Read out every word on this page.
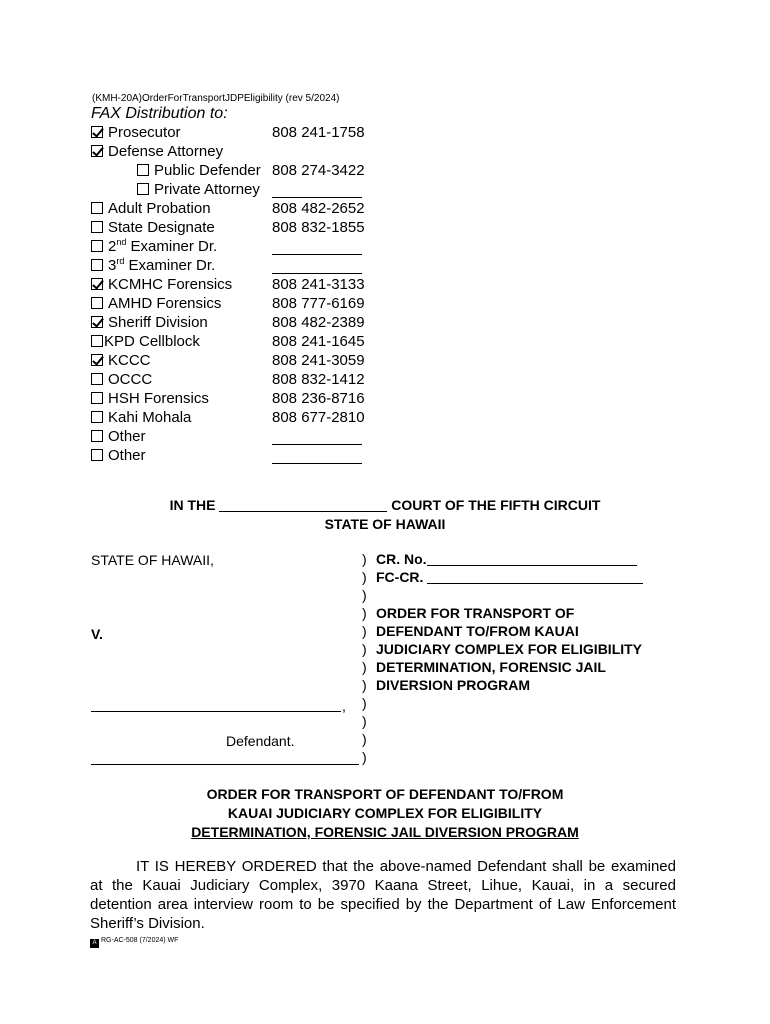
(KMH-20A)OrderForTransportJDPEligibility (rev 5/2024)
FAX Distribution to:
Prosecutor	808 241-1758
Defense Attorney
Public Defender 808 274-3422
Private Attorney
Adult Probation	808 482-2652
State Designate	808 832-1855
2nd Examiner Dr.
3rd Examiner Dr.
KCMHC Forensics	808 241-3133
AMHD Forensics	808 777-6169
Sheriff Division	808 482-2389
KPD Cellblock	808 241-1645
KCCC	808 241-3059
OCCC	808 832-1412
HSH Forensics	808 236-8716
Kahi Mohala	808 677-2810
Other
Other
IN THE	COURT OF THE FIFTH CIRCUIT
STATE OF HAWAII
STATE OF HAWAII,
V.
,
Defendant.
)
)
)
)
)
)
)
)
)
)
)
)
CR. No.
FC-CR.
ORDER FOR TRANSPORT OF
DEFENDANT TO/FROM KAUAI
JUDICIARY COMPLEX FOR ELIGIBILITY
DETERMINATION, FORENSIC JAIL
DIVERSION PROGRAM
ORDER FOR TRANSPORT OF DEFENDANT TO/FROM
KAUAI JUDICIARY COMPLEX FOR ELIGIBILITY
DETERMINATION, FORENSIC JAIL DIVERSION PROGRAM
IT IS HEREBY ORDERED that the above-named Defendant shall be examined at the Kauai Judiciary Complex, 3970 Kaana Street, Lihue, Kauai, in a secured detention area interview room to be specified by the Department of Law Enforcement Sheriff’s Division.
A RG-AC-508 (7/2024) WF
